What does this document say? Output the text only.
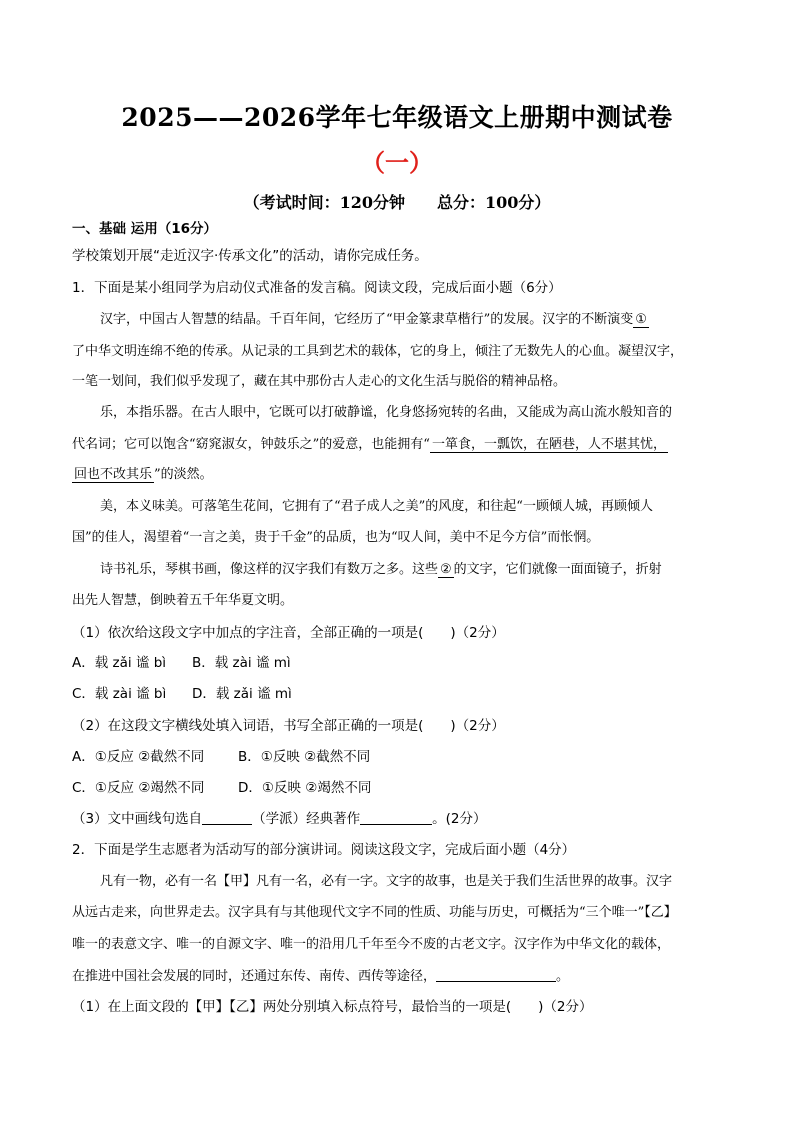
2025——2026学年七年级语文上册期中测试卷
（一）
（考试时间：120分钟　　总分：100分）
一、基础 运用（16分）
学校策划开展“走近汉字·传承文化”的活动，请你完成任务。
1．下面是某小组同学为启动仪式准备的发言稿。阅读文段，完成后面小题（6分）
汉字，中国古人智慧的结晶。千百年间，它经历了“甲金篆隶草楷行”的发展。汉字的不断演变 ①
了中华文明连绵不绝的传承。从记录的工具到艺术的载体，它的身上，倾注了无数先人的心血。凝望汉字，
一笔一划间，我们似乎发现了，藏在其中那份古人走心的文化生活与脱俗的精神品格。
乐，本指乐器。在古人眼中，它既可以打破静谧，化身悠扬宛转的名曲，又能成为高山流水般知音的
代名词；它可以饱含“窈窕淑女，钟鼓乐之”的爱意，也能拥有“ 一箪食，一瓢饮，在陋巷，人不堪其忧，
回也不改其乐 ”的淡然。
美，本义味美。可落笔生花间，它拥有了“君子成人之美”的风度，和往起“一顾倾人城，再顾倾人
国”的佳人，渴望着“一言之美，贵于千金”的品质，也为“叹人间，美中不足今方信”而怅惘。
诗书礼乐，琴棋书画，像这样的汉字我们有数万之多。这些 ② 的文字，它们就像一面面镜子，折射
出先人智慧，倒映着五千年华夏文明。
（1）依次给这段文字中加点的字注音，全部正确的一项是(　　)（2分）
A．载 zǎi 谧 bì B．载 zài 谧 mì
C．载 zài 谧 bì D．载 zǎi 谧 mì
（2）在这段文字横线处填入词语，书写全部正确的一项是(　　)（2分）
A．①反应 ②截然不同	B．①反映 ②截然不同
C．①反应 ②竭然不同 D．①反映 ②竭然不同
（3）文中画线句选自	（学派）经典著作	。(2分）
2．下面是学生志愿者为活动写的部分演讲词。阅读这段文字，完成后面小题（4分）
凡有一物，必有一名【甲】凡有一名，必有一字。文字的故事，也是关于我们生活世界的故事。汉字
从远古走来，向世界走去。汉字具有与其他现代文字不同的性质、功能与历史，可概括为“三个唯一”【乙】
唯一的表意文字、唯一的自源文字、唯一的沿用几千年至今不废的古老文字。汉字作为中华文化的载体，
在推进中国社会发展的同时，还通过东传、南传、西传等途径，	。
（1）在上面文段的【甲】【乙】两处分别填入标点符号，最恰当的一项是(　　)（2分）
